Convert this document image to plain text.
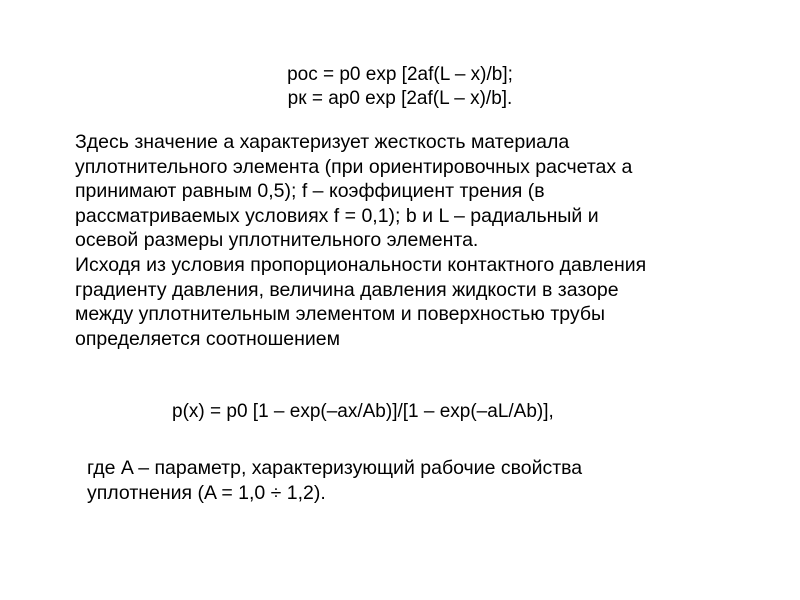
pос = p0 exp [2af(L – x)/b];
pк = ap0 exp [2af(L – x)/b].
Здесь значение a характеризует жесткость материала
уплотнительного элемента (при ориентировочных расчетах a
принимают равным 0,5); f – коэффициент трения (в
рассматриваемых условиях f = 0,1); b и L – радиальный и
осевой размеры уплотнительного элемента.
Исходя из условия пропорциональности контактного давления
градиенту давления, величина давления жидкости в зазоре
между уплотнительным элементом и поверхностью трубы
определяется соотношением
p(x) = p0 [1 – exp(–ax/Ab)]/[1 – exp(–aL/Ab)],
где A – параметр, характеризующий рабочие свойства
уплотнения (A = 1,0 ÷ 1,2).
